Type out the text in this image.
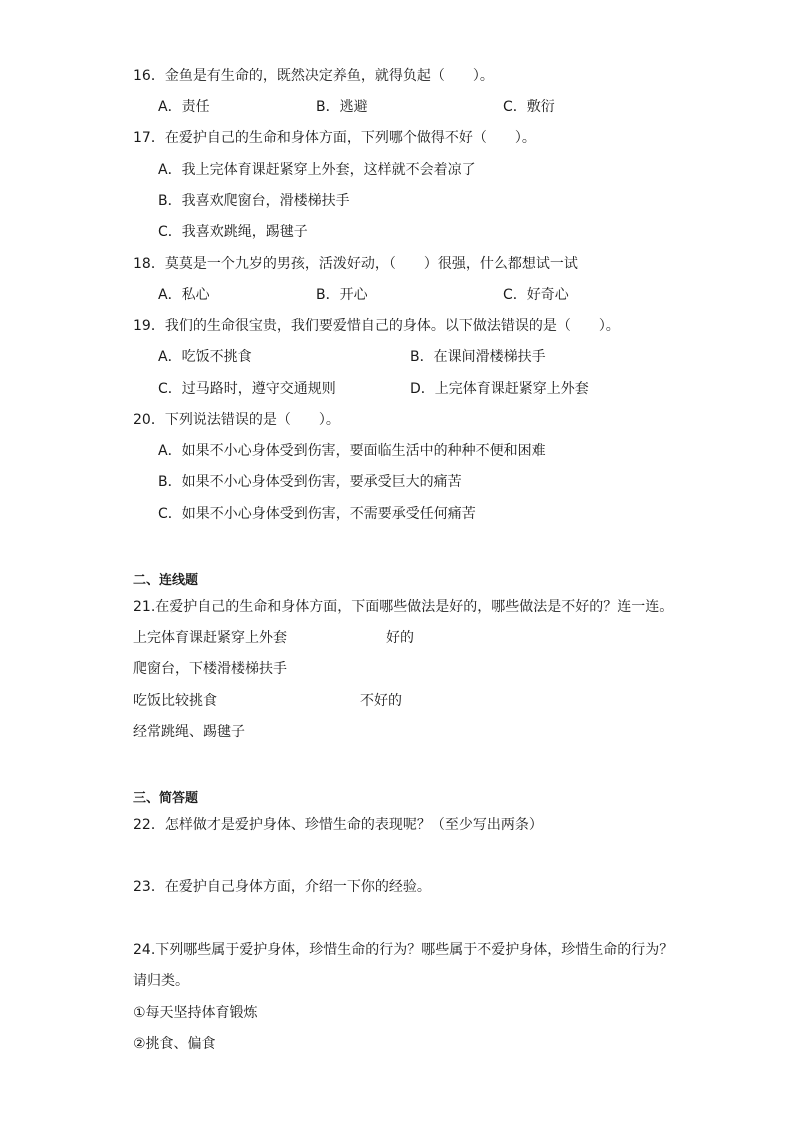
16．金鱼是有生命的，既然决定养鱼，就得负起（　　）。
A．责任	B．逃避	C．敷衍
17．在爱护自己的生命和身体方面，下列哪个做得不好（　　）。
A．我上完体育课赶紧穿上外套，这样就不会着凉了
B．我喜欢爬窗台，滑楼梯扶手
C．我喜欢跳绳，踢毽子
18．莫莫是一个九岁的男孩，活泼好动，（　　）很强，什么都想试一试
A．私心	B．开心	C．好奇心
19．我们的生命很宝贵，我们要爱惜自己的身体。以下做法错误的是（　　）。
A．吃饭不挑食	B．在课间滑楼梯扶手
C．过马路时，遵守交通规则	D．上完体育课赶紧穿上外套
20．下列说法错误的是（　　）。
A．如果不小心身体受到伤害，要面临生活中的种种不便和困难
B．如果不小心身体受到伤害，要承受巨大的痛苦
C．如果不小心身体受到伤害，不需要承受任何痛苦
二、连线题
21.在爱护自己的生命和身体方面，下面哪些做法是好的，哪些做法是不好的？连一连。
上完体育课赶紧穿上外套	好的
爬窗台，下楼滑楼梯扶手
吃饭比较挑食	不好的
经常跳绳、踢毽子
三、简答题
22．怎样做才是爱护身体、珍惜生命的表现呢？（至少写出两条）
23．在爱护自己身体方面，介绍一下你的经验。
24.下列哪些属于爱护身体，珍惜生命的行为？哪些属于不爱护身体，珍惜生命的行为？
请归类。
①每天坚持体育锻炼
②挑食、偏食
